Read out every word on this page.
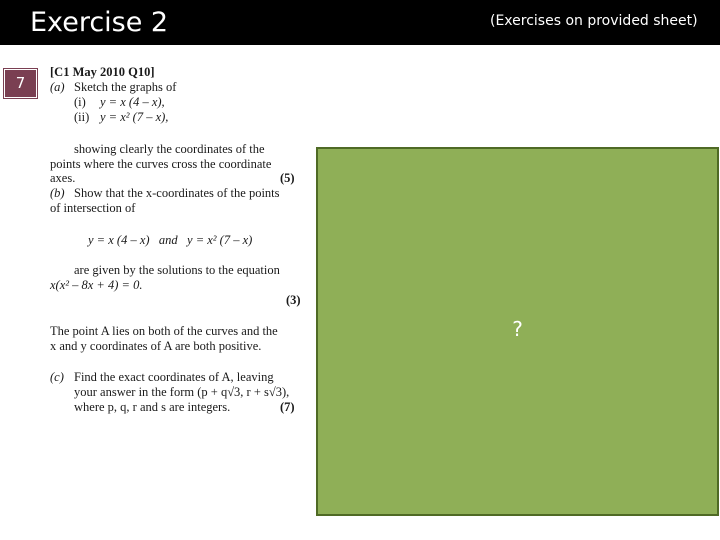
Exercise 2	(Exercises on provided sheet)
7
[C1 May 2010 Q10]
(a) Sketch the graphs of
(i) y = x (4 – x),
(ii) y = x² (7 – x),
showing clearly the coordinates of the
points where the curves cross the coordinate
axes.	(5)
(b) Show that the x-coordinates of the points
of intersection of
y = x (4 – x)   and   y = x² (7 – x)
are given by the solutions to the equation
x(x² – 8x + 4) = 0.
(3)
The point A lies on both of the curves and the
x and y coordinates of A are both positive.
(c) Find the exact coordinates of A, leaving
your answer in the form (p + q√3, r + s√3),
where p, q, r and s are integers.	(7)
?
